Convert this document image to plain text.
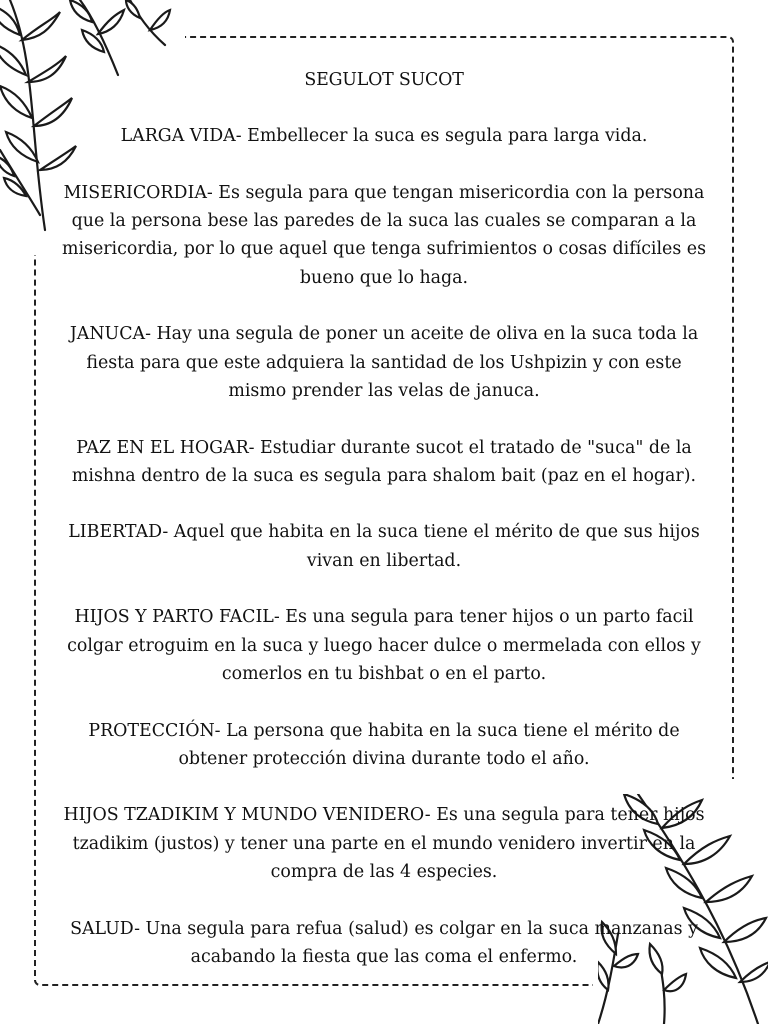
SEGULOT SUCOT

LARGA VIDA- Embellecer la suca es segula para larga vida.

MISERICORDIA- Es segula para que tengan misericordia con la persona que la persona bese las paredes de la suca las cuales se comparan a la misericordia, por lo que aquel que tenga sufrimientos o cosas difíciles es bueno que lo haga.

JANUCA- Hay una segula de poner un aceite de oliva en la suca toda la fiesta para que este adquiera la santidad de los Ushpizin y con este mismo prender las velas de januca.

PAZ EN EL HOGAR- Estudiar durante sucot el tratado de "suca" de la mishna dentro de la suca es segula para shalom bait (paz en el hogar).

LIBERTAD- Aquel que habita en la suca tiene el mérito de que sus hijos vivan en libertad.

HIJOS Y PARTO FACIL- Es una segula para tener hijos o un parto facil colgar etroguim en la suca y luego hacer dulce o mermelada con ellos y comerlos en tu bishbat o en el parto.

PROTECCIÓN- La persona que habita en la suca tiene el mérito de obtener protección divina durante todo el año.

HIJOS TZADIKIM Y MUNDO VENIDERO- Es una segula para tener hijos tzadikim (justos) y tener una parte en el mundo venidero invertir en la compra de las 4 especies.

SALUD- Una segula para refua (salud) es colgar en la suca manzanas y acabando la fiesta que las coma el enfermo.
